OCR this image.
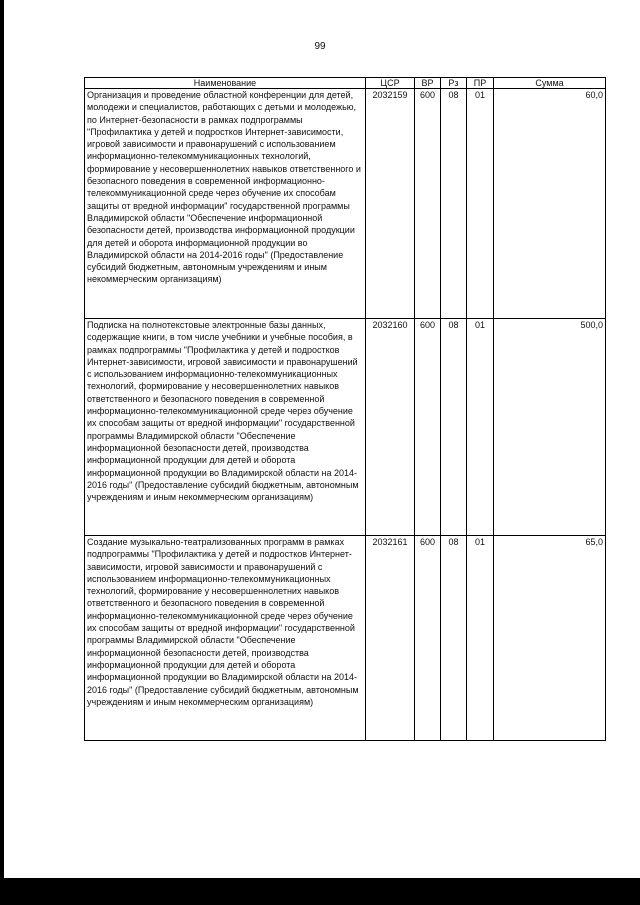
99
Наименование	ЦСР	ВР	Рз	ПР	Сумма
Организация и проведение областной конференции для детей, молодежи и специалистов, работающих с детьми и молодежью, по Интернет-безопасности в рамках подпрограммы "Профилактика у детей и подростков Интернет-зависимости, игровой зависимости и правонарушений с использованием информационно-телекоммуникационных технологий, формирование у несовершеннолетних навыков ответственного и безопасного поведения в современной информационно-телекоммуникационной среде через обучение их способам защиты от вредной информации" государственной программы Владимирской области "Обеспечение информационной безопасности детей, производства информационной продукции для детей и оборота информационной продукции во Владимирской области на 2014-2016 годы" (Предоставление субсидий бюджетным, автономным учреждениям и иным некоммерческим организациям)	2032159	600	08	01	60,0
Подписка на полнотекстовые электронные базы данных, содержащие книги, в том числе учебники и учебные пособия, в рамках подпрограммы "Профилактика у детей и подростков Интернет-зависимости, игровой зависимости и правонарушений с использованием информационно-телекоммуникационных технологий, формирование у несовершеннолетних навыков ответственного и безопасного поведения в современной информационно-телекоммуникационной среде через обучение их способам защиты от вредной информации" государственной программы Владимирской области "Обеспечение информационной безопасности детей, производства информационной продукции для детей и оборота информационной продукции во Владимирской области на 2014-2016 годы" (Предоставление субсидий бюджетным, автономным учреждениям и иным некоммерческим организациям)	2032160	600	08	01	500,0
Создание музыкально-театрализованных программ в рамках подпрограммы "Профилактика у детей и подростков Интернет-зависимости, игровой зависимости и правонарушений с использованием информационно-телекоммуникационных технологий, формирование у несовершеннолетних навыков ответственного и безопасного поведения в современной информационно-телекоммуникационной среде через обучение их способам защиты от вредной информации" государственной программы Владимирской области "Обеспечение информационной безопасности детей, производства информационной продукции для детей и оборота информационной продукции во Владимирской области на 2014-2016 годы" (Предоставление субсидий бюджетным, автономным учреждениям и иным некоммерческим организациям)	2032161	600	08	01	65,0
